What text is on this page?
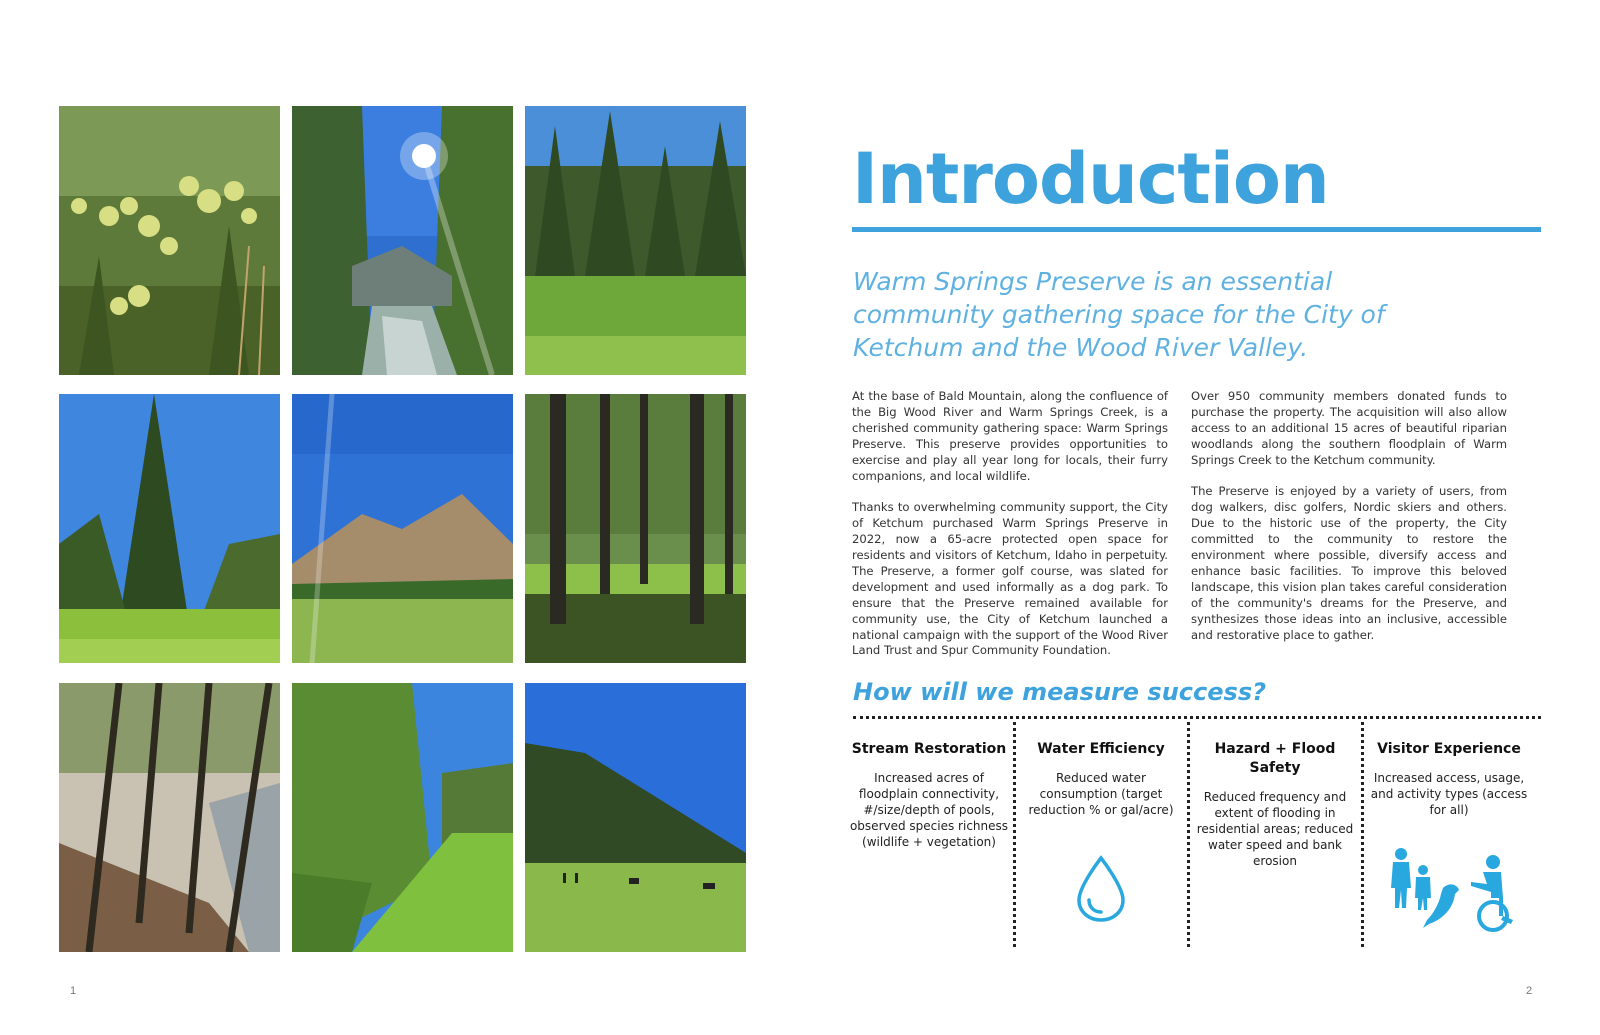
1	2
Introduction

Warm Springs Preserve is an essential community gathering space for the City of Ketchum and the Wood River Valley.

At the base of Bald Mountain, along the confluence of the Big Wood River and Warm Springs Creek, is a cherished community gathering space: Warm Springs Preserve. This preserve provides opportunities to exercise and play all year long for locals, their furry companions, and local wildlife.

Thanks to overwhelming community support, the City of Ketchum purchased Warm Springs Preserve in 2022, now a 65-acre protected open space for residents and visitors of Ketchum, Idaho in perpetuity. The Preserve, a former golf course, was slated for development and used informally as a dog park. To ensure that the Preserve remained available for community use, the City of Ketchum launched a national campaign with the support of the Wood River Land Trust and Spur Community Foundation.

Over 950 community members donated funds to purchase the property. The acquisition will also allow access to an additional 15 acres of beautiful riparian woodlands along the southern floodplain of Warm Springs Creek to the Ketchum community.

The Preserve is enjoyed by a variety of users, from dog walkers, disc golfers, Nordic skiers and others. Due to the historic use of the property, the City committed to the community to restore the environment where possible, diversify access and enhance basic facilities. To improve this beloved landscape, this vision plan takes careful consideration of the community's dreams for the Preserve, and synthesizes those ideas into an inclusive, accessible and restorative place to gather.

How will we measure success?
Stream Restoration
Increased acres of floodplain connectivity, #/size/depth of pools, observed species richness (wildlife + vegetation)
Water Efficiency
Reduced water consumption (target reduction % or gal/acre)
Hazard + Flood Safety
Reduced frequency and extent of flooding in residential areas; reduced water speed and bank erosion
Visitor Experience
Increased access, usage, and activity types (access for all)
